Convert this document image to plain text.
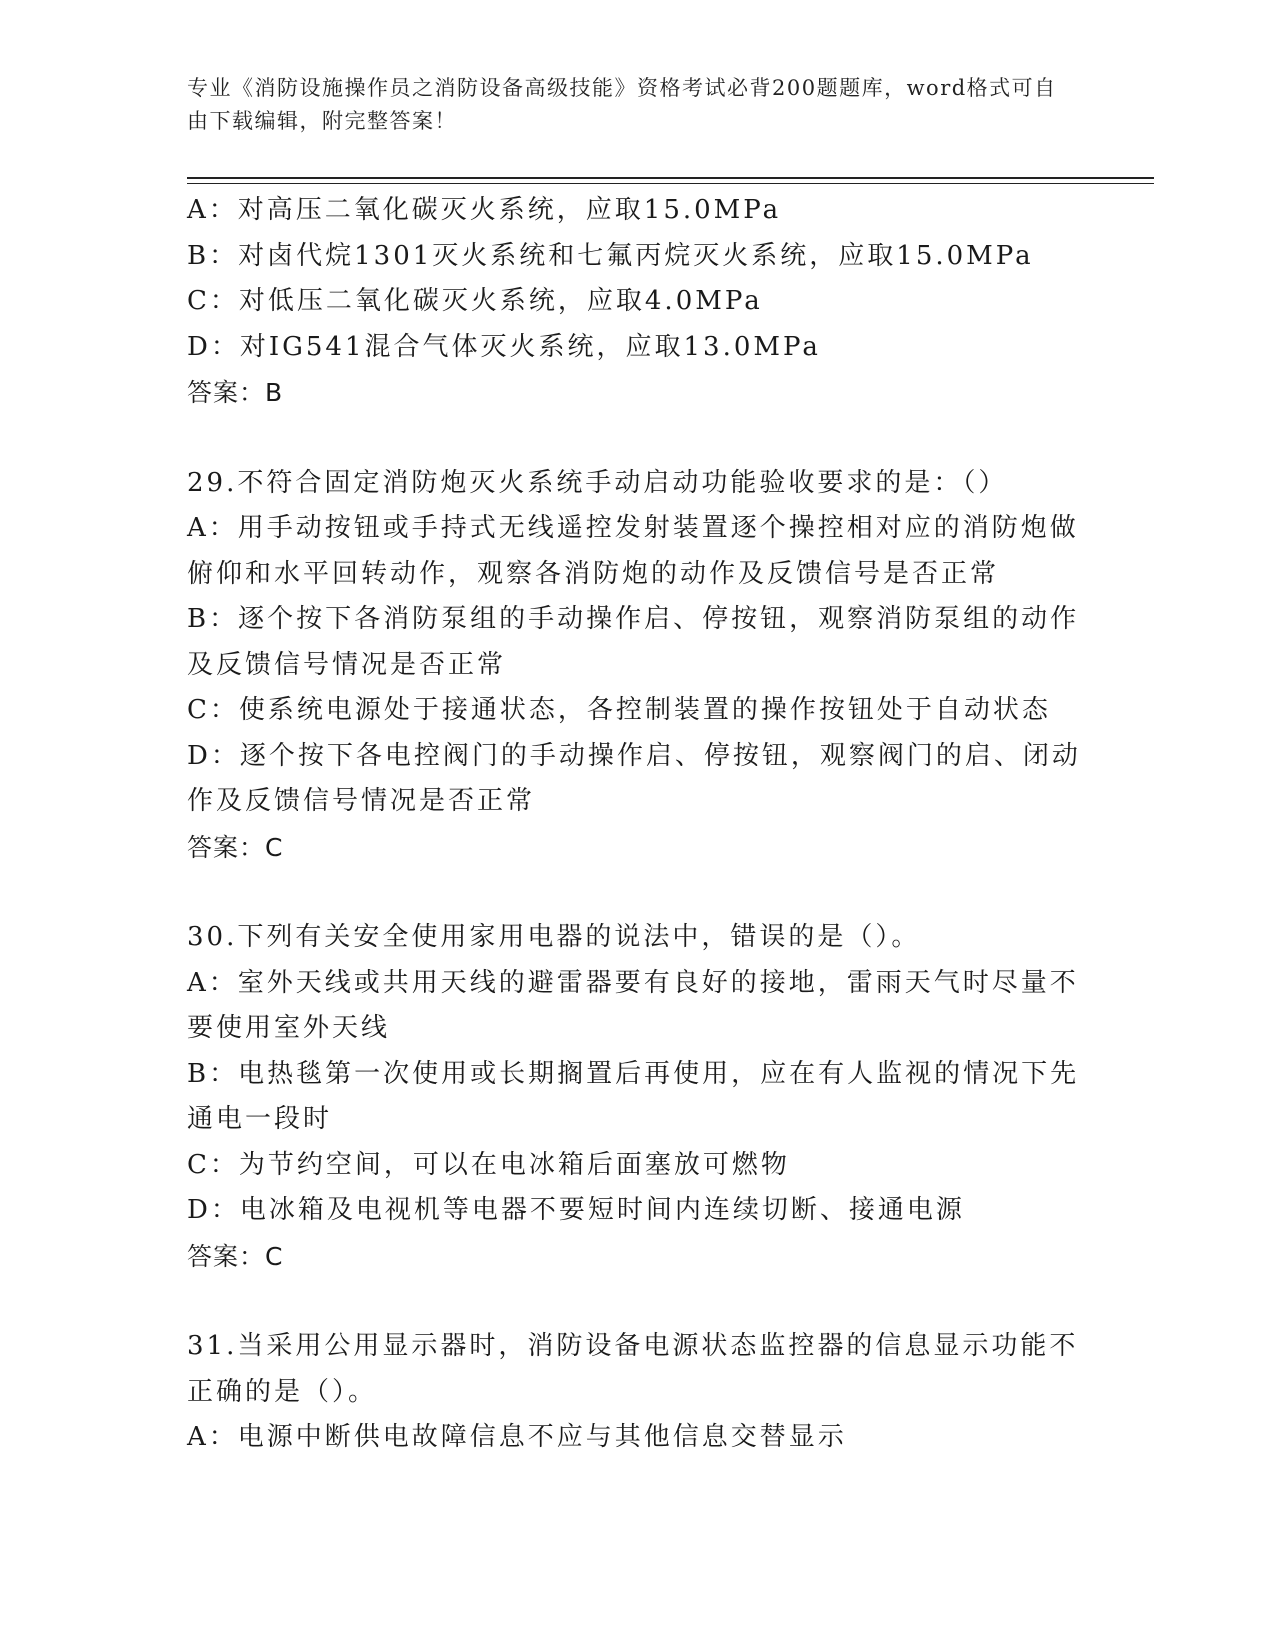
专业《消防设施操作员之消防设备高级技能》资格考试必背200题题库，word格式可自由下载编辑，附完整答案！

A：对高压二氧化碳灭火系统，应取15.0MPa

B：对卤代烷1301灭火系统和七氟丙烷灭火系统，应取15.0MPa

C：对低压二氧化碳灭火系统，应取4.0MPa

D：对IG541混合气体灭火系统，应取13.0MPa

答案：B

29.不符合固定消防炮灭火系统手动启动功能验收要求的是：（）

A：用手动按钮或手持式无线遥控发射装置逐个操控相对应的消防炮做俯仰和水平回转动作，观察各消防炮的动作及反馈信号是否正常

B：逐个按下各消防泵组的手动操作启、停按钮，观察消防泵组的动作及反馈信号情况是否正常

C：使系统电源处于接通状态，各控制装置的操作按钮处于自动状态

D：逐个按下各电控阀门的手动操作启、停按钮，观察阀门的启、闭动作及反馈信号情况是否正常

答案：C

30.下列有关安全使用家用电器的说法中，错误的是（）。

A：室外天线或共用天线的避雷器要有良好的接地，雷雨天气时尽量不要使用室外天线

B：电热毯第一次使用或长期搁置后再使用，应在有人监视的情况下先通电一段时

C：为节约空间，可以在电冰箱后面塞放可燃物

D：电冰箱及电视机等电器不要短时间内连续切断、接通电源

答案：C

31.当采用公用显示器时，消防设备电源状态监控器的信息显示功能不正确的是（）。

A：电源中断供电故障信息不应与其他信息交替显示
